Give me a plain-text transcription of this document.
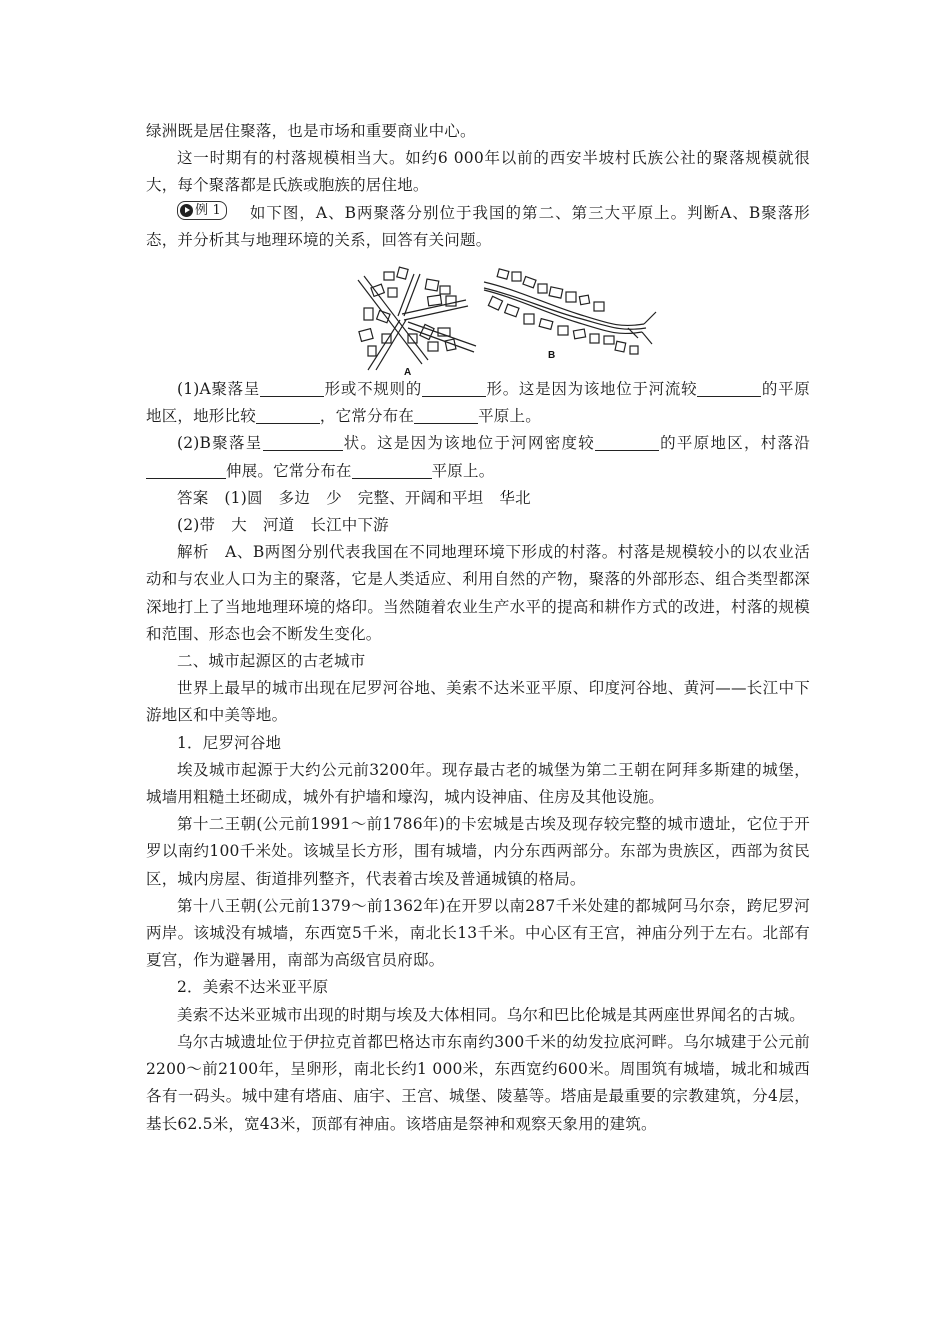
绿洲既是居住聚落，也是市场和重要商业中心。

这一时期有的村落规模相当大。如约6 000年以前的西安半坡村氏族公社的聚落规模就很大，每个聚落都是氏族或胞族的居住地。

例 1 如下图，A、B两聚落分别位于我国的第二、第三大平原上。判断A、B聚落形态，并分析其与地理环境的关系，回答有关问题。

A
B

(1)A聚落呈	形或不规则的	形。这是因为该地位于河流较	的平原地区，地形比较	，它常分布在	平原上。

(2)B聚落呈	状。这是因为该地位于河网密度较	的平原地区，村落沿伸展。它常分布在	平原上。

答案 (1)圆 多边 少 完整、开阔和平坦 华北

(2)带 大 河道 长江中下游

解析 A、B两图分别代表我国在不同地理环境下形成的村落。村落是规模较小的以农业活动和与农业人口为主的聚落，它是人类适应、利用自然的产物，聚落的外部形态、组合类型都深深地打上了当地地理环境的烙印。当然随着农业生产水平的提高和耕作方式的改进，村落的规模和范围、形态也会不断发生变化。

二、城市起源区的古老城市

世界上最早的城市出现在尼罗河谷地、美索不达米亚平原、印度河谷地、黄河——长江中下游地区和中美等地。

1．尼罗河谷地

埃及城市起源于大约公元前3200年。现存最古老的城堡为第二王朝在阿拜多斯建的城堡，城墙用粗糙土坯砌成，城外有护墙和壕沟，城内设神庙、住房及其他设施。

第十二王朝(公元前1991～前1786年)的卡宏城是古埃及现存较完整的城市遗址，它位于开罗以南约100千米处。该城呈长方形，围有城墙，内分东西两部分。东部为贵族区，西部为贫民区，城内房屋、街道排列整齐，代表着古埃及普通城镇的格局。

第十八王朝(公元前1379～前1362年)在开罗以南287千米处建的都城阿马尔奈，跨尼罗河两岸。该城没有城墙，东西宽5千米，南北长13千米。中心区有王宫，神庙分列于左右。北部有夏宫，作为避暑用，南部为高级官员府邸。

2．美索不达米亚平原

美索不达米亚城市出现的时期与埃及大体相同。乌尔和巴比伦城是其两座世界闻名的古城。

乌尔古城遗址位于伊拉克首都巴格达市东南约300千米的幼发拉底河畔。乌尔城建于公元前2200～前2100年，呈卵形，南北长约1 000米，东西宽约600米。周围筑有城墙，城北和城西各有一码头。城中建有塔庙、庙宇、王宫、城堡、陵墓等。塔庙是最重要的宗教建筑，分4层，基长62.5米，宽43米，顶部有神庙。该塔庙是祭神和观察天象用的建筑。
